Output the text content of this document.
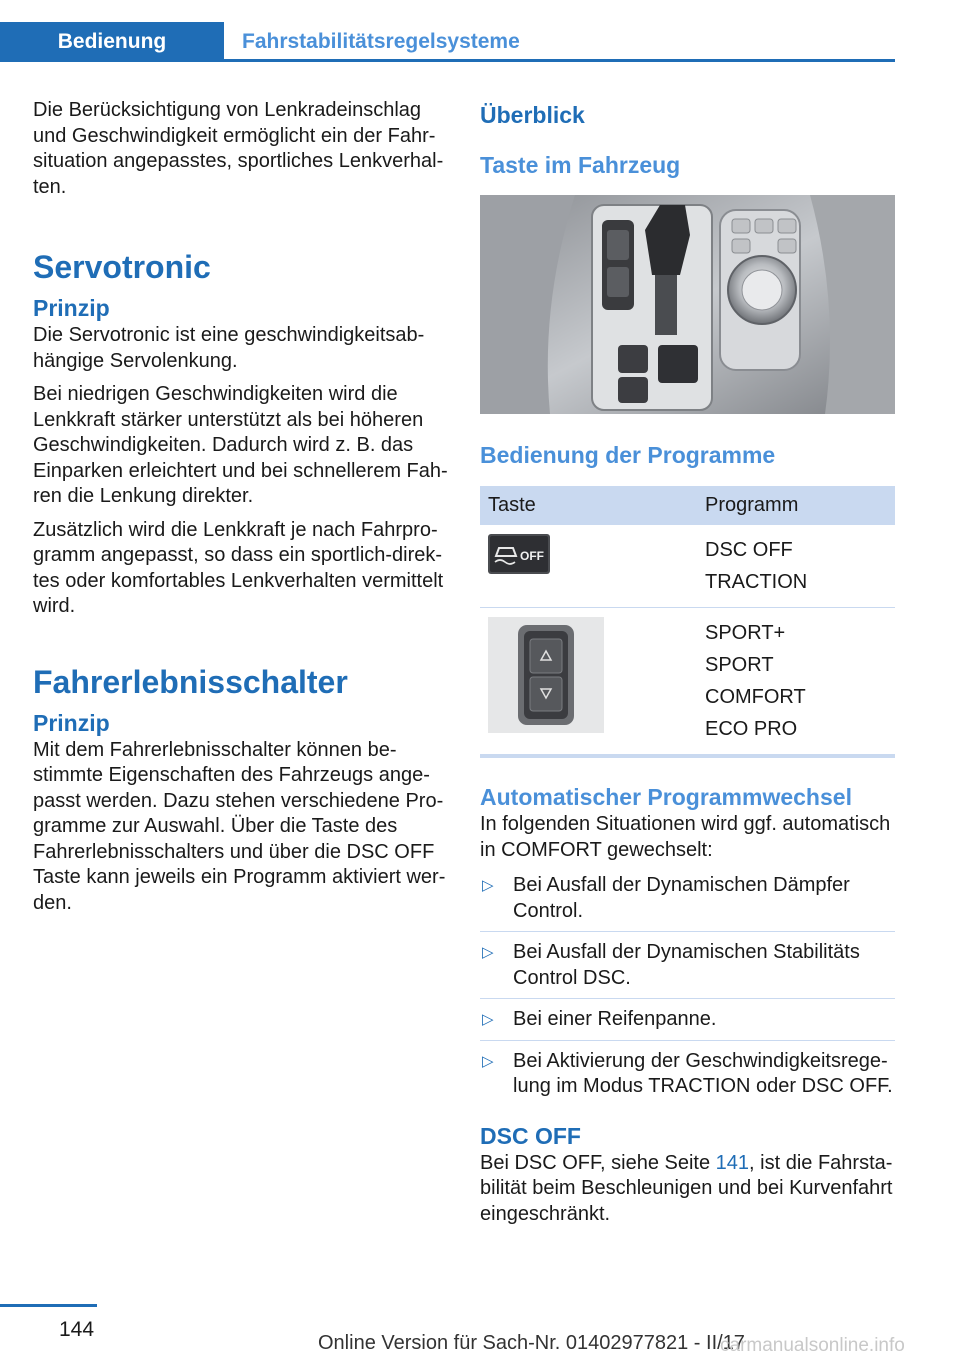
Bedienung	Fahrstabilitätsregelsysteme

Die Berücksichtigung von Lenkradeinschlag und Geschwindigkeit ermöglicht ein der Fahrsituation angepasstes, sportliches Lenkverhalten.

Servotronic
Prinzip

Die Servotronic ist eine geschwindigkeitsabhängige Servolenkung.

Bei niedrigen Geschwindigkeiten wird die Lenkkraft stärker unterstützt als bei höheren Geschwindigkeiten. Dadurch wird z. B. das Einparken erleichtert und bei schnellerem Fahren die Lenkung direkter.

Zusätzlich wird die Lenkkraft je nach Fahrprogramm angepasst, so dass ein sportlich-direktes oder komfortables Lenkverhalten vermittelt wird.

Fahrerlebnisschalter
Prinzip

Mit dem Fahrerlebnisschalter können bestimmte Eigenschaften des Fahrzeugs angepasst werden. Dazu stehen verschiedene Programme zur Auswahl. Über die Taste des Fahrerlebnisschalters und über die DSC OFF Taste kann jeweils ein Programm aktiviert werden.

Überblick
Taste im Fahrzeug
Bedienung der Programme
Taste	Programm

OFF	DSC OFF
TRACTION

SPORT+
SPORT
COMFORT
ECO PRO
Automatischer Programmwechsel

In folgenden Situationen wird ggf. automatisch in COMFORT gewechselt:

▷ Bei Ausfall der Dynamischen Dämpfer Control.
▷ Bei Ausfall der Dynamischen Stabilitäts Control DSC.
▷ Bei einer Reifenpanne.
▷ Bei Aktivierung der Geschwindigkeitsregelung im Modus TRACTION oder DSC OFF.
DSC OFF

Bei DSC OFF, siehe Seite 141, ist die Fahrstabilität beim Beschleunigen und bei Kurvenfahrt eingeschränkt.

144
Online Version für Sach-Nr. 01402977821 - II/17
carmanualsonline.info
